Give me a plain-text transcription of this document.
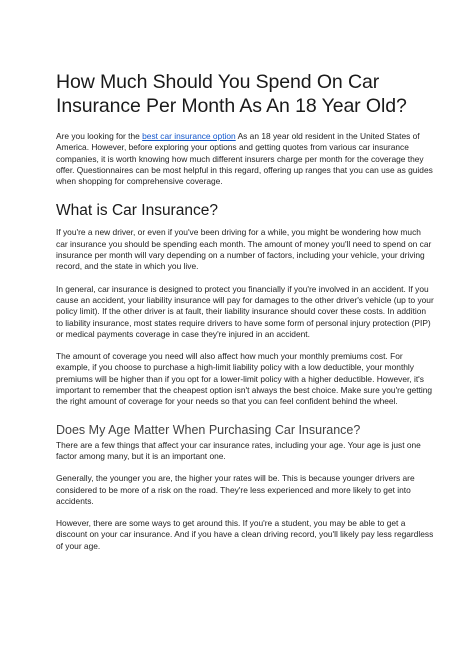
How Much Should You Spend On Car Insurance Per Month As An 18 Year Old?

Are you looking for the best car insurance option As an 18 year old resident in the United States of America. However, before exploring your options and getting quotes from various car insurance companies, it is worth knowing how much different insurers charge per month for the coverage they offer. Questionnaires can be most helpful in this regard, offering up ranges that you can use as guides when shopping for comprehensive coverage.

What is Car Insurance?

If you're a new driver, or even if you've been driving for a while, you might be wondering how much car insurance you should be spending each month. The amount of money you'll need to spend on car insurance per month will vary depending on a number of factors, including your vehicle, your driving record, and the state in which you live.

In general, car insurance is designed to protect you financially if you're involved in an accident. If you cause an accident, your liability insurance will pay for damages to the other driver's vehicle (up to your policy limit). If the other driver is at fault, their liability insurance should cover these costs. In addition to liability insurance, most states require drivers to have some form of personal injury protection (PIP) or medical payments coverage in case they're injured in an accident.

The amount of coverage you need will also affect how much your monthly premiums cost. For example, if you choose to purchase a high-limit liability policy with a low deductible, your monthly premiums will be higher than if you opt for a lower-limit policy with a higher deductible. However, it's important to remember that the cheapest option isn't always the best choice. Make sure you're getting the right amount of coverage for your needs so that you can feel confident behind the wheel.

Does My Age Matter When Purchasing Car Insurance?

There are a few things that affect your car insurance rates, including your age. Your age is just one factor among many, but it is an important one.

Generally, the younger you are, the higher your rates will be. This is because younger drivers are considered to be more of a risk on the road. They're less experienced and more likely to get into accidents.

However, there are some ways to get around this. If you're a student, you may be able to get a discount on your car insurance. And if you have a clean driving record, you'll likely pay less regardless of your age.
